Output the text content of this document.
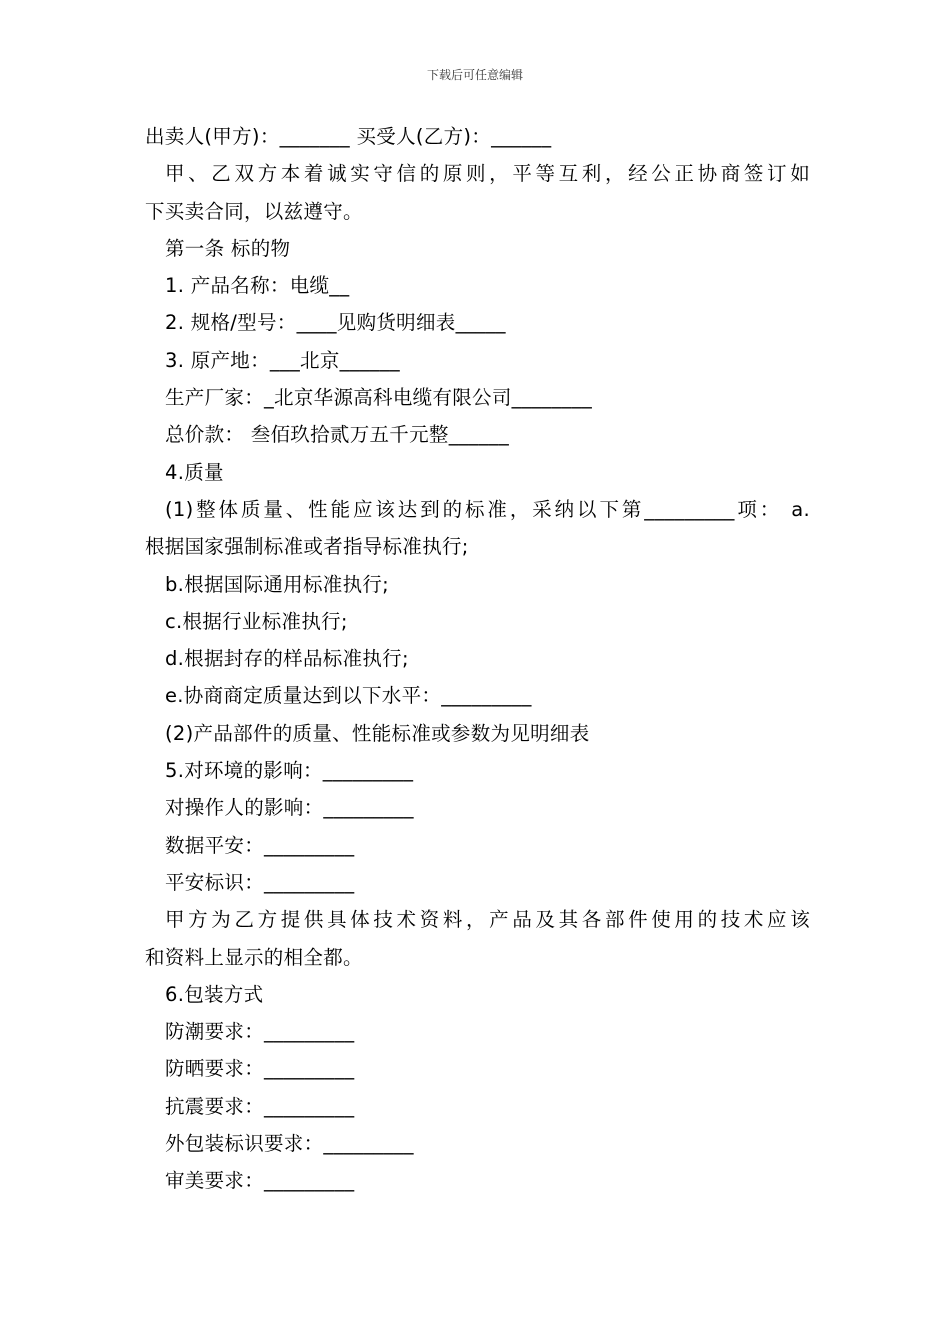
下载后可任意编辑
出卖人(甲方)：_______ 买受人(乙方)：______
甲、乙双方本着诚实守信的原则，平等互利，经公正协商签订如
下买卖合同，以兹遵守。
第一条 标的物
1. 产品名称：电缆__
2. 规格/型号：____见购货明细表_____
3. 原产地：___北京______
生产厂家：_北京华源高科电缆有限公司________
总价款： 叁佰玖拾贰万五千元整______
4.质量
(1)整体质量、性能应该达到的标准，采纳以下第_________项： a.
根据国家强制标准或者指导标准执行;
b.根据国际通用标准执行;
c.根据行业标准执行;
d.根据封存的样品标准执行;
e.协商商定质量达到以下水平：_________
(2)产品部件的质量、性能标准或参数为见明细表
5.对环境的影响：_________
对操作人的影响：_________
数据平安：_________
平安标识：_________
甲方为乙方提供具体技术资料，产品及其各部件使用的技术应该
和资料上显示的相全都。
6.包装方式
防潮要求：_________
防晒要求：_________
抗震要求：_________
外包装标识要求：_________
审美要求：_________
